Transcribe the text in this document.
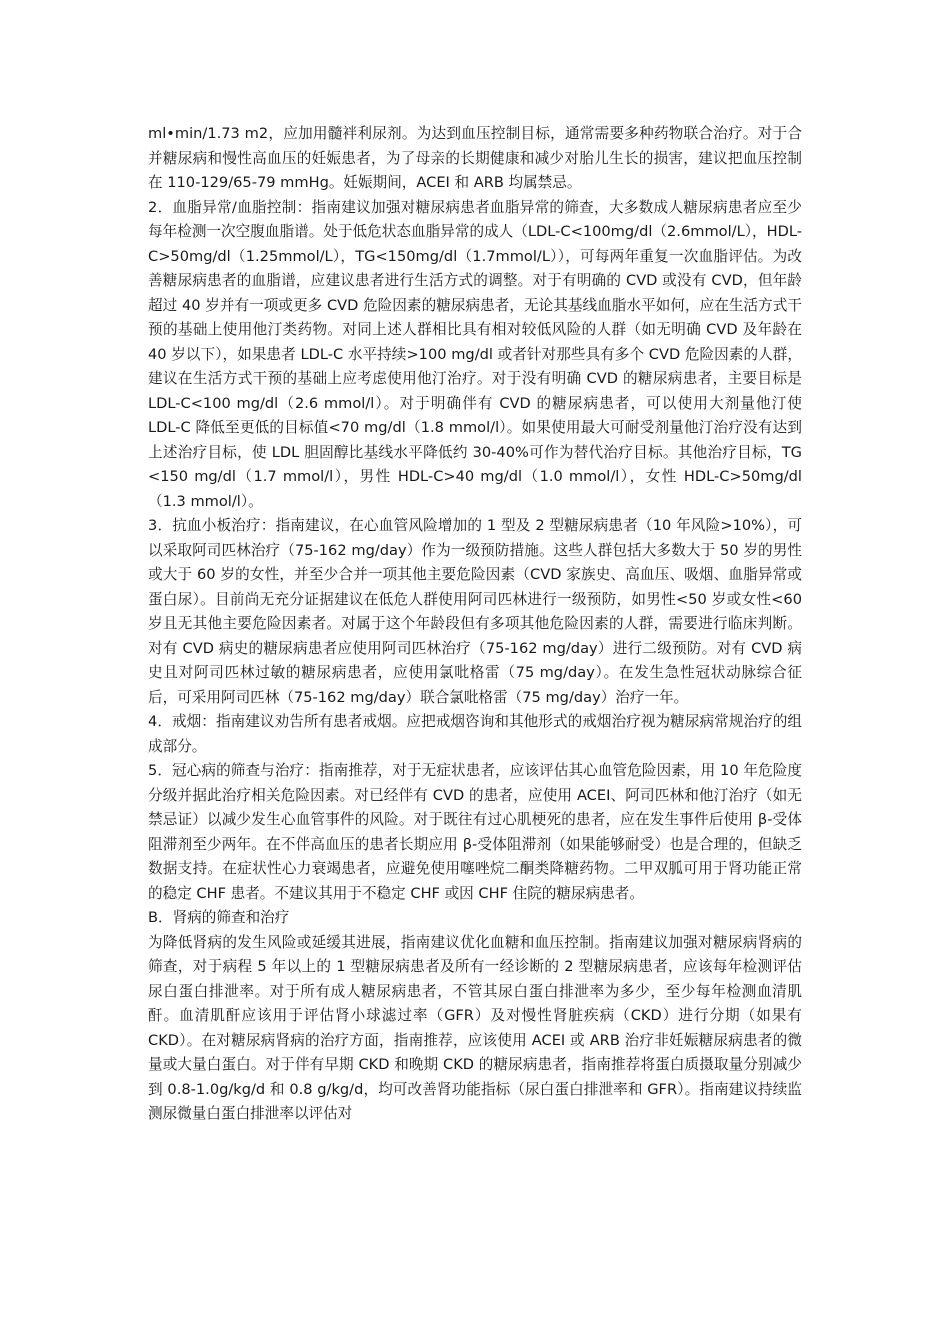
ml•min/1.73 m2，应加用髓袢利尿剂。为达到血压控制目标，通常需要多种药物联合治疗。对于合并糖尿病和慢性高血压的妊娠患者，为了母亲的长期健康和减少对胎儿生长的损害，建议把血压控制在 110-129/65-79 mmHg。妊娠期间，ACEI 和 ARB 均属禁忌。

2．血脂异常/血脂控制：指南建议加强对糖尿病患者血脂异常的筛查，大多数成人糖尿病患者应至少每年检测一次空腹血脂谱。处于低危状态血脂异常的成人（LDL-C<100mg/dl（2.6mmol/L），HDL-C>50mg/dl（1.25mmol/L），TG<150mg/dl（1.7mmol/L）），可每两年重复一次血脂评估。为改善糖尿病患者的血脂谱，应建议患者进行生活方式的调整。对于有明确的 CVD 或没有 CVD，但年龄超过 40 岁并有一项或更多 CVD 危险因素的糖尿病患者，无论其基线血脂水平如何，应在生活方式干预的基础上使用他汀类药物。对同上述人群相比具有相对较低风险的人群（如无明确 CVD 及年龄在 40 岁以下），如果患者 LDL-C 水平持续>100 mg/dl 或者针对那些具有多个 CVD 危险因素的人群，建议在生活方式干预的基础上应考虑使用他汀治疗。对于没有明确 CVD 的糖尿病患者，主要目标是 LDL-C<100 mg/dl（2.6 mmol/l）。对于明确伴有 CVD 的糖尿病患者，可以使用大剂量他汀使 LDL-C 降低至更低的目标值<70 mg/dl（1.8 mmol/l）。如果使用最大可耐受剂量他汀治疗没有达到上述治疗目标，使 LDL 胆固醇比基线水平降低约 30-40%可作为替代治疗目标。其他治疗目标，TG <150 mg/dl（1.7 mmol/l），男性 HDL-C>40 mg/dl（1.0 mmol/l），女性 HDL-C>50mg/dl（1.3 mmol/l）。

3．抗血小板治疗：指南建议，在心血管风险增加的 1 型及 2 型糖尿病患者（10 年风险>10%），可以采取阿司匹林治疗（75-162 mg/day）作为一级预防措施。这些人群包括大多数大于 50 岁的男性或大于 60 岁的女性，并至少合并一项其他主要危险因素（CVD 家族史、高血压、吸烟、血脂异常或蛋白尿）。目前尚无充分证据建议在低危人群使用阿司匹林进行一级预防，如男性<50 岁或女性<60 岁且无其他主要危险因素者。对属于这个年龄段但有多项其他危险因素的人群，需要进行临床判断。对有 CVD 病史的糖尿病患者应使用阿司匹林治疗（75-162 mg/day）进行二级预防。对有 CVD 病史且对阿司匹林过敏的糖尿病患者，应使用氯吡格雷（75 mg/day）。在发生急性冠状动脉综合征后，可采用阿司匹林（75-162 mg/day）联合氯吡格雷（75 mg/day）治疗一年。

4．戒烟：指南建议劝告所有患者戒烟。应把戒烟咨询和其他形式的戒烟治疗视为糖尿病常规治疗的组成部分。

5．冠心病的筛查与治疗：指南推荐，对于无症状患者，应该评估其心血管危险因素，用 10 年危险度分级并据此治疗相关危险因素。对已经伴有 CVD 的患者，应使用 ACEI、阿司匹林和他汀治疗（如无禁忌证）以减少发生心血管事件的风险。对于既往有过心肌梗死的患者，应在发生事件后使用 β-受体阻滞剂至少两年。在不伴高血压的患者长期应用 β-受体阻滞剂（如果能够耐受）也是合理的，但缺乏数据支持。在症状性心力衰竭患者，应避免使用噻唑烷二酮类降糖药物。二甲双胍可用于肾功能正常的稳定 CHF 患者。不建议其用于不稳定 CHF 或因 CHF 住院的糖尿病患者。

B．肾病的筛查和治疗

为降低肾病的发生风险或延缓其进展，指南建议优化血糖和血压控制。指南建议加强对糖尿病肾病的筛查，对于病程 5 年以上的 1 型糖尿病患者及所有一经诊断的 2 型糖尿病患者，应该每年检测评估尿白蛋白排泄率。对于所有成人糖尿病患者，不管其尿白蛋白排泄率为多少，至少每年检测血清肌酐。血清肌酐应该用于评估肾小球滤过率（GFR）及对慢性肾脏疾病（CKD）进行分期（如果有 CKD）。在对糖尿病肾病的治疗方面，指南推荐，应该使用 ACEI 或 ARB 治疗非妊娠糖尿病患者的微量或大量白蛋白。对于伴有早期 CKD 和晚期 CKD 的糖尿病患者，指南推荐将蛋白质摄取量分别减少到 0.8-1.0g/kg/d 和 0.8 g/kg/d，均可改善肾功能指标（尿白蛋白排泄率和 GFR）。指南建议持续监测尿微量白蛋白排泄率以评估对
